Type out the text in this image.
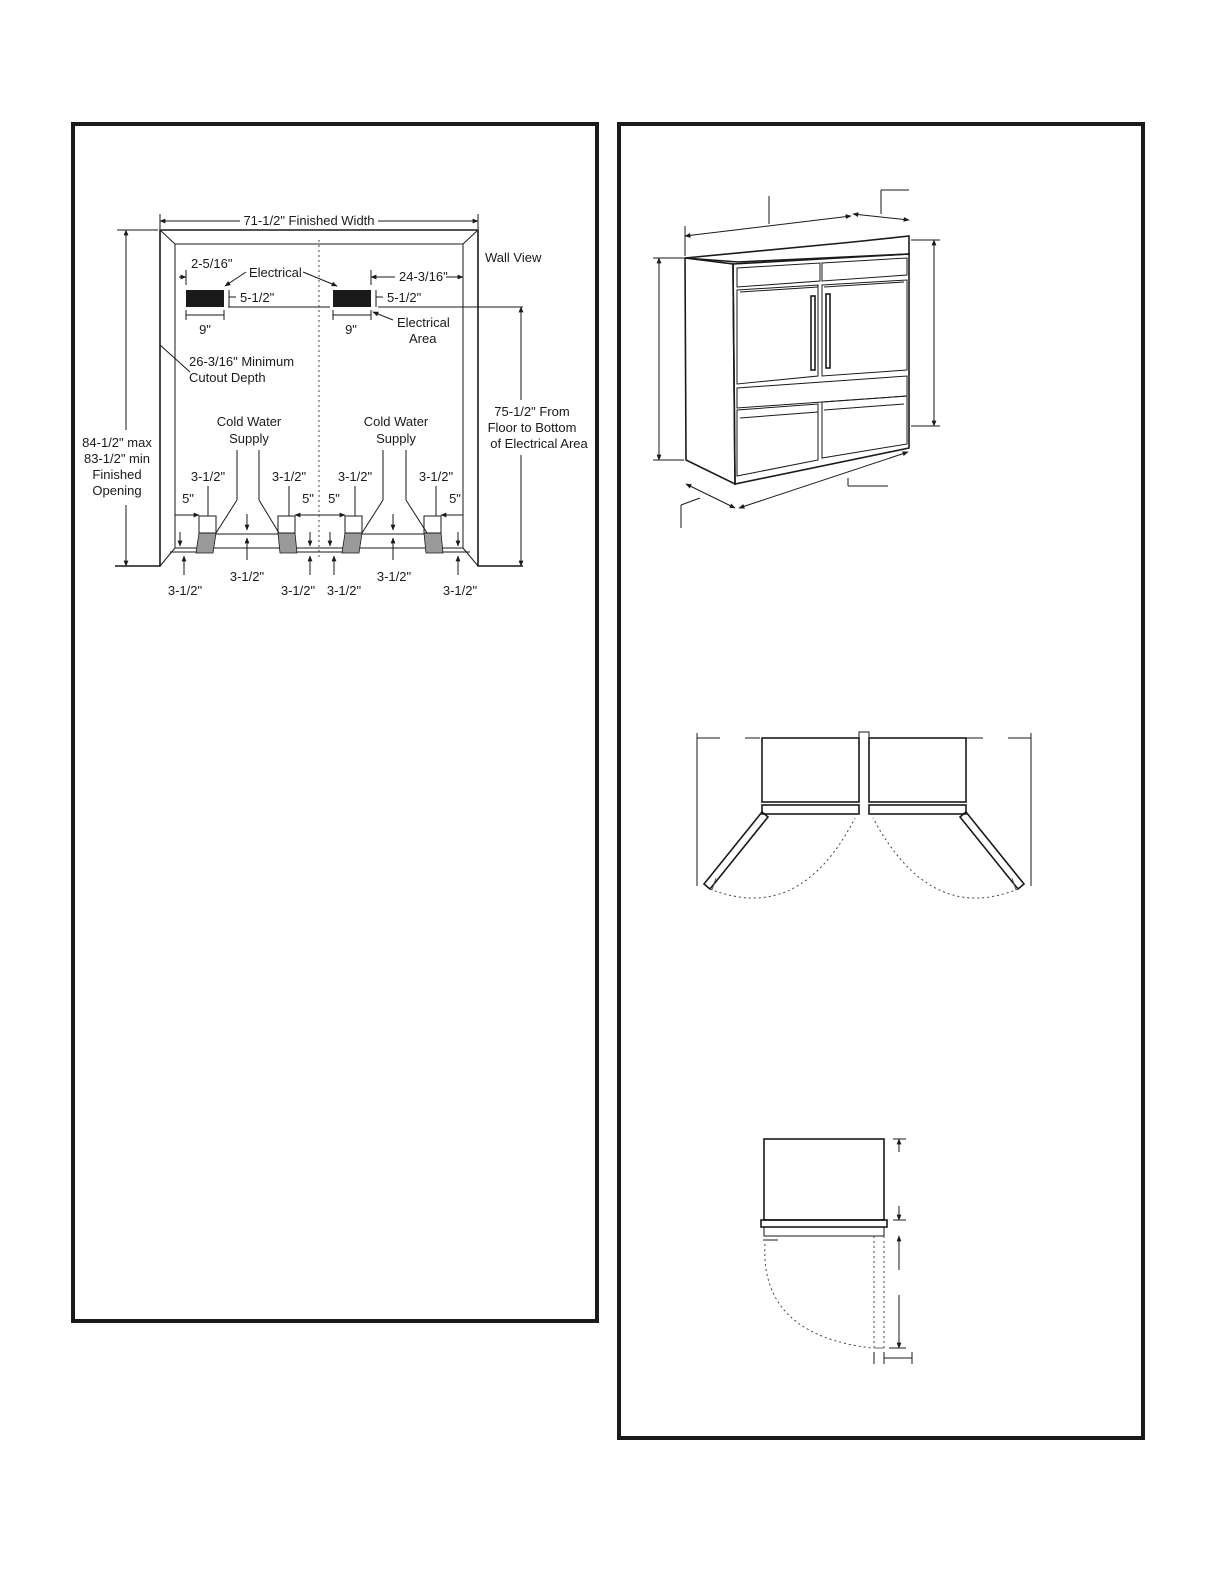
71-1/2" Finished Width
Wall View
84-1/2" max
83-1/2" min
Finished
Opening
26-3/16" Minimum
Cutout Depth
2-5/16"
Electrical	24-3/16"
5-1/2"	5-1/2"
9"	9"	Electrical
Area
75-1/2" From
Floor to Bottom
of Electrical Area
Cold Water
Supply
Cold Water
Supply
5"	5" 5"	5"
3-1/2"	3-1/2" 3-1/2"	3-1/2"
3-1/2"	3-1/2"
3-1/2"	3-1/2" 3-1/2"	3-1/2"
